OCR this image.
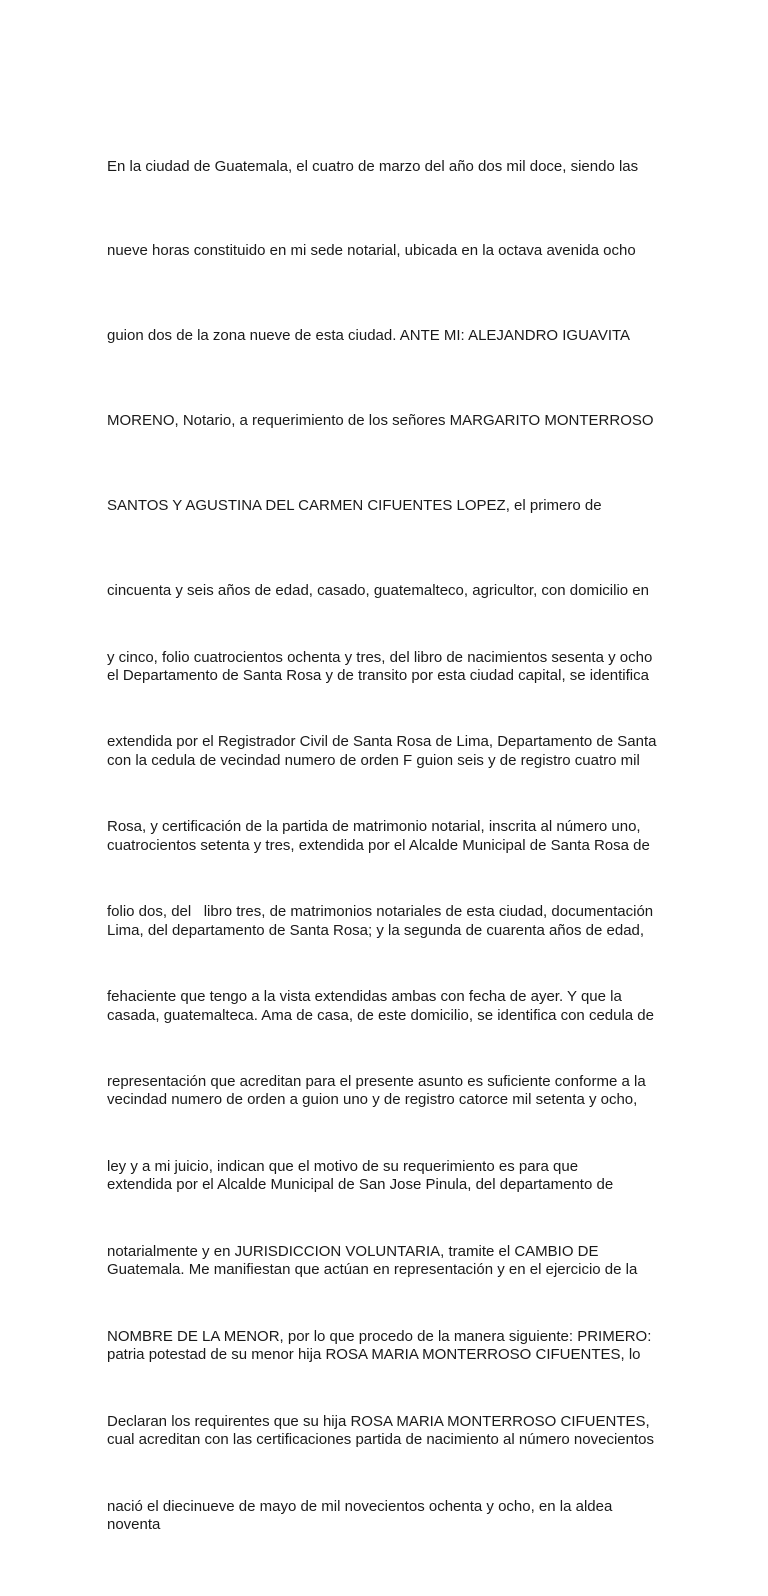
En la ciudad de Guatemala, el cuatro de marzo del año dos mil doce, siendo las

nueve horas constituido en mi sede notarial, ubicada en la octava avenida ocho

guion dos de la zona nueve de esta ciudad. ANTE MI: ALEJANDRO IGUAVITA

MORENO, Notario, a requerimiento de los señores MARGARITO MONTERROSO

SANTOS Y AGUSTINA DEL CARMEN CIFUENTES LOPEZ, el primero de

cincuenta y seis años de edad, casado, guatemalteco, agricultor, con domicilio en

el Departamento de Santa Rosa y de transito por esta ciudad capital, se identifica

con la cedula de vecindad numero de orden F guion seis y de registro cuatro mil

cuatrocientos setenta y tres, extendida por el Alcalde Municipal de Santa Rosa de

Lima, del departamento de Santa Rosa; y la segunda de cuarenta años de edad,

casada, guatemalteca. Ama de casa, de este domicilio, se identifica con cedula de

vecindad numero de orden a guion uno y de registro catorce mil setenta y ocho,

extendida por el Alcalde Municipal de San Jose Pinula, del departamento de

Guatemala. Me manifiestan que actúan en representación y en el ejercicio de la

patria potestad de su menor hija ROSA MARIA MONTERROSO CIFUENTES, lo

cual acreditan con las certificaciones partida de nacimiento al número novecientos

noventa

y cinco, folio cuatrocientos ochenta y tres, del libro de nacimientos sesenta y ocho

extendida por el Registrador Civil de Santa Rosa de Lima, Departamento de Santa

Rosa, y certificación de la partida de matrimonio notarial, inscrita al número uno,

folio dos, del   libro tres, de matrimonios notariales de esta ciudad, documentación

fehaciente que tengo a la vista extendidas ambas con fecha de ayer. Y que la

representación que acreditan para el presente asunto es suficiente conforme a la

ley y a mi juicio, indican que el motivo de su requerimiento es para que

notarialmente y en JURISDICCION VOLUNTARIA, tramite el CAMBIO DE

NOMBRE DE LA MENOR, por lo que procedo de la manera siguiente: PRIMERO:

Declaran los requirentes que su hija ROSA MARIA MONTERROSO CIFUENTES,

nació el diecinueve de mayo de mil novecientos ochenta y ocho, en la aldea
